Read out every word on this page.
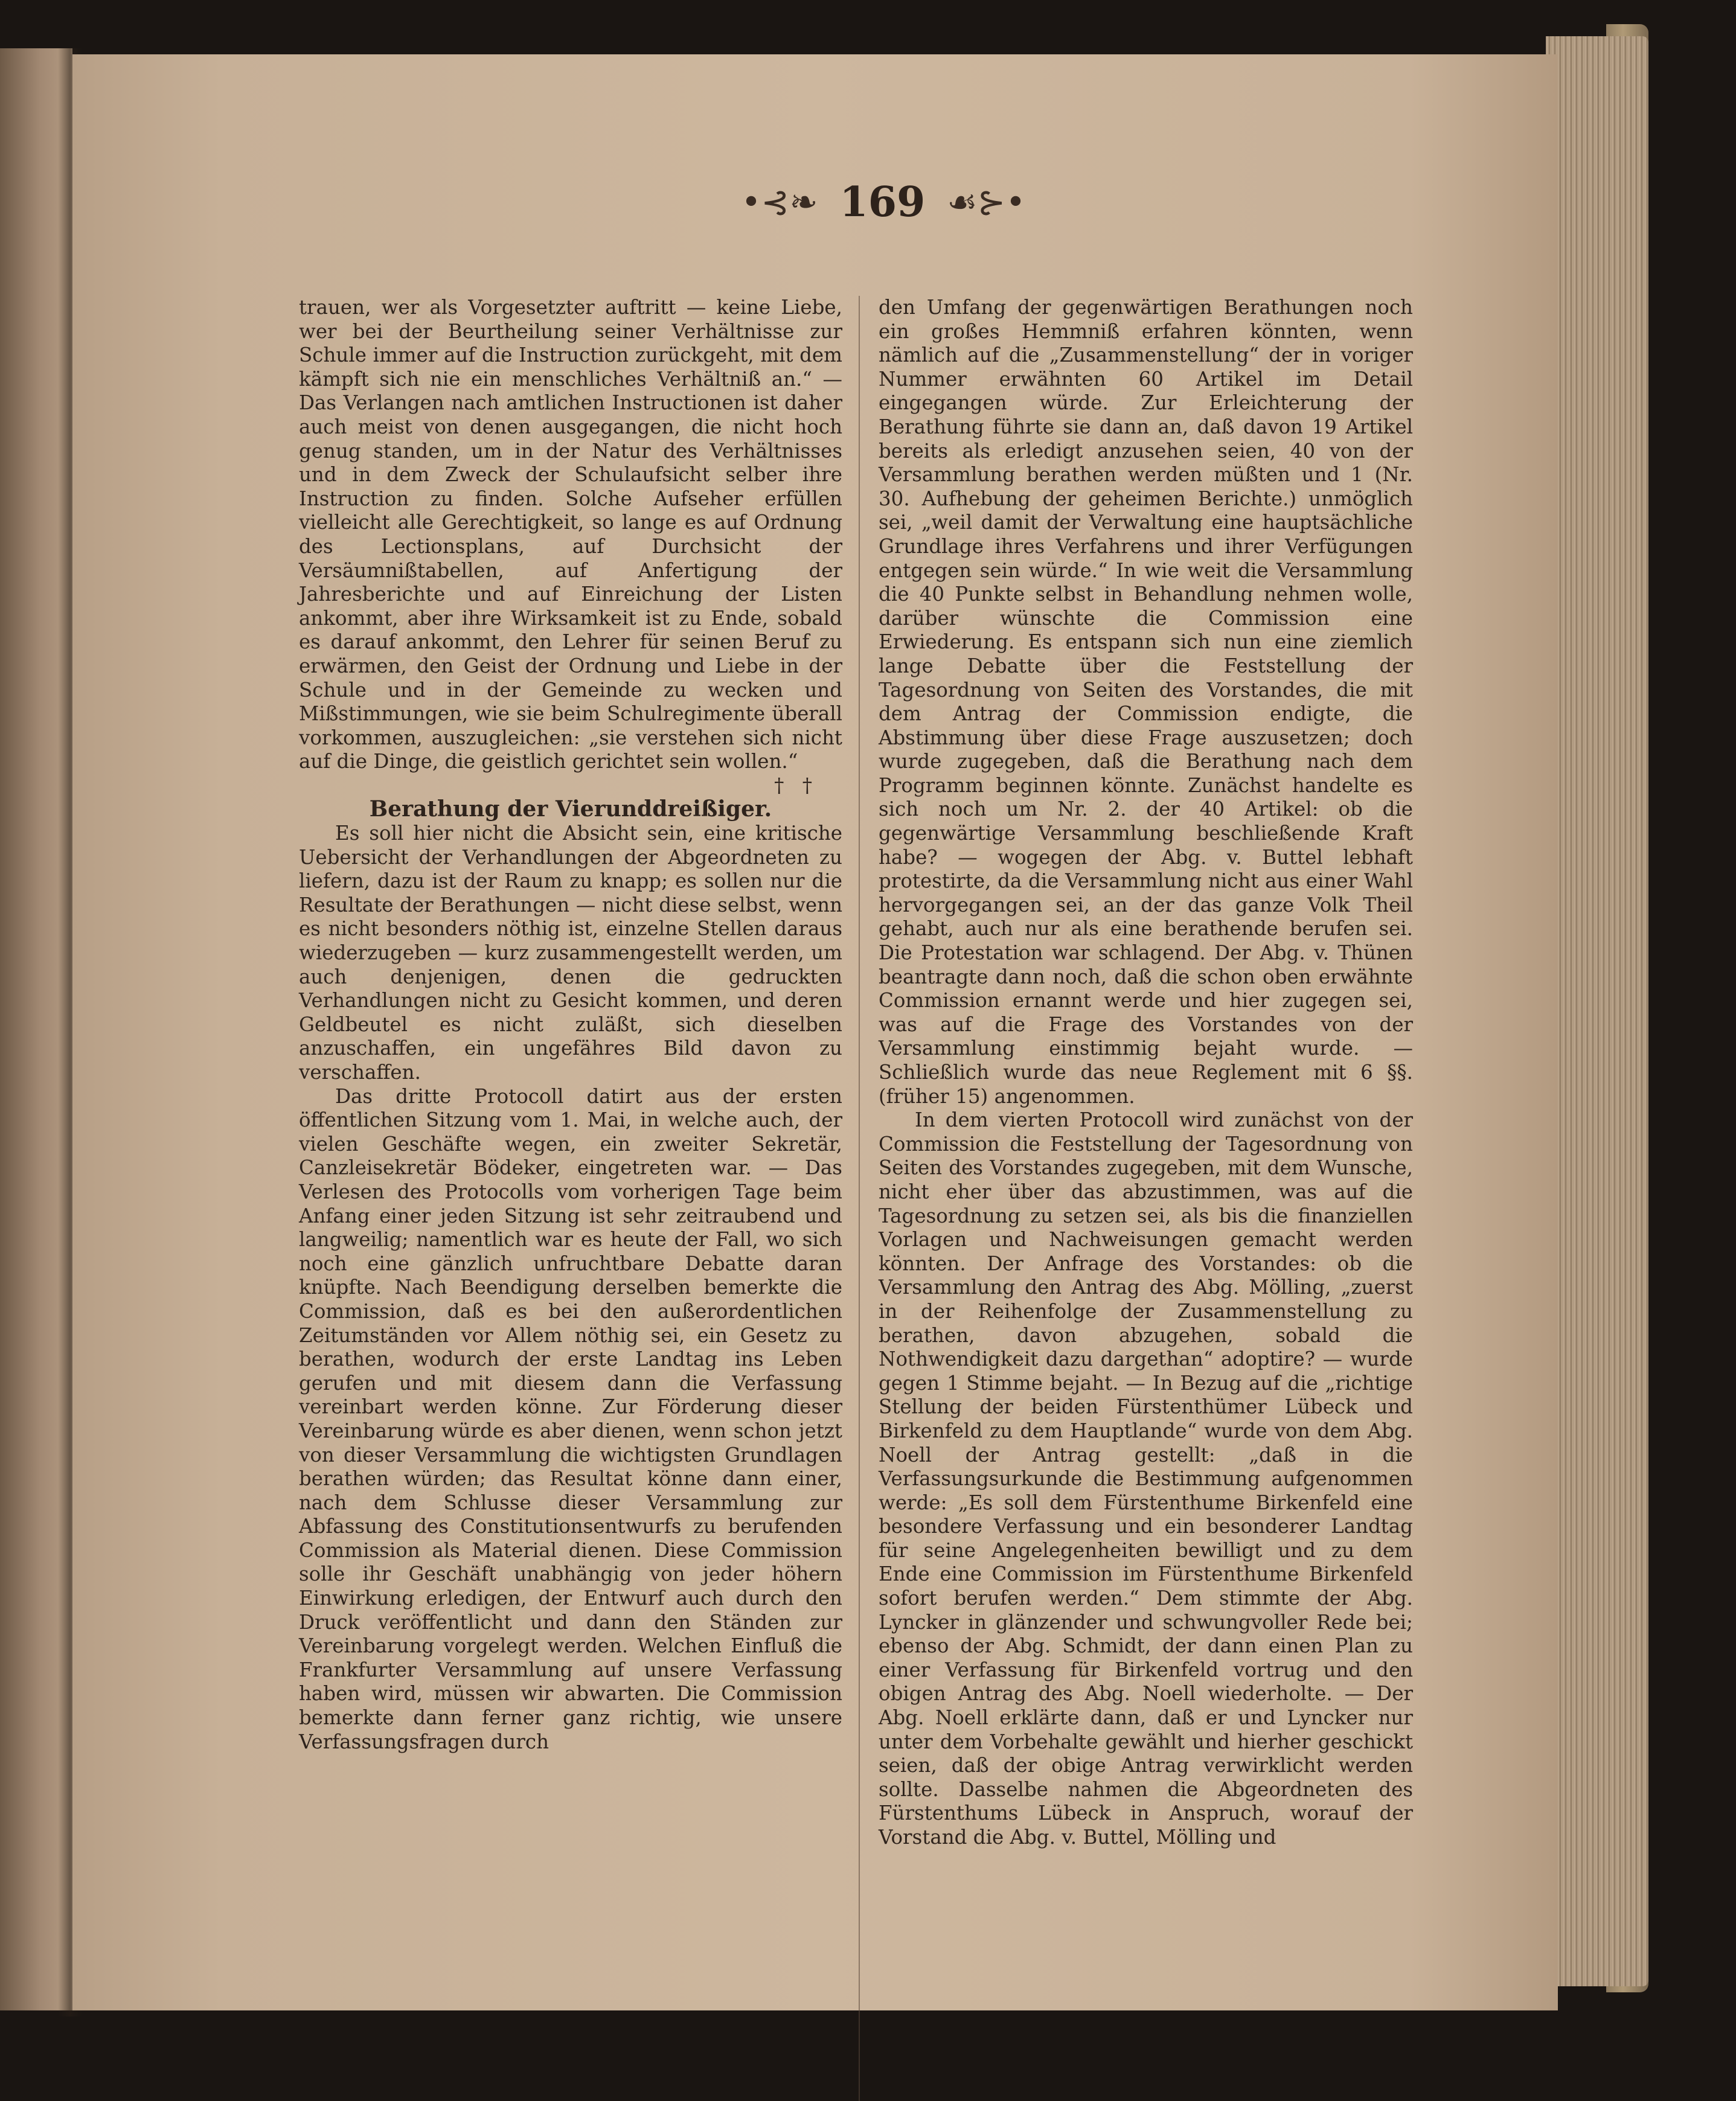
•⊰❧ 169 ☙⊱•

trauen, wer als Vorgesetzter auftritt — keine Liebe, wer bei der Beurtheilung seiner Verhältnisse zur Schule immer auf die Instruction zurückgeht, mit dem kämpft sich nie ein menschliches Verhältniß an.“ — Das Verlangen nach amtlichen Instructionen ist daher auch meist von denen ausgegangen, die nicht hoch genug standen, um in der Natur des Verhältnisses und in dem Zweck der Schulaufsicht selber ihre Instruction zu finden. Solche Aufseher erfüllen vielleicht alle Gerechtigkeit, so lange es auf Ordnung des Lectionsplans, auf Durchsicht der Versäumnißtabellen, auf Anfertigung der Jahresberichte und auf Einreichung der Listen ankommt, aber ihre Wirksamkeit ist zu Ende, sobald es darauf ankommt, den Lehrer für seinen Beruf zu erwärmen, den Geist der Ordnung und Liebe in der Schule und in der Gemeinde zu wecken und Mißstimmungen, wie sie beim Schulregimente überall vorkommen, auszugleichen: „sie verstehen sich nicht auf die Dinge, die geistlich gerichtet sein wollen.“

† †

Berathung der Vierunddreißiger.

Es soll hier nicht die Absicht sein, eine kritische Uebersicht der Verhandlungen der Abgeordneten zu liefern, dazu ist der Raum zu knapp; es sollen nur die Resultate der Berathungen — nicht diese selbst, wenn es nicht besonders nöthig ist, einzelne Stellen daraus wiederzugeben — kurz zusammengestellt werden, um auch denjenigen, denen die gedruckten Verhandlungen nicht zu Gesicht kommen, und deren Geldbeutel es nicht zuläßt, sich dieselben anzuschaffen, ein ungefähres Bild davon zu verschaffen.

Das dritte Protocoll datirt aus der ersten öffentlichen Sitzung vom 1. Mai, in welche auch, der vielen Geschäfte wegen, ein zweiter Sekretär, Canzleisekretär Bödeker, eingetreten war. — Das Verlesen des Protocolls vom vorherigen Tage beim Anfang einer jeden Sitzung ist sehr zeitraubend und langweilig; namentlich war es heute der Fall, wo sich noch eine gänzlich unfruchtbare Debatte daran knüpfte. Nach Beendigung derselben bemerkte die Commission, daß es bei den außerordentlichen Zeitumständen vor Allem nöthig sei, ein Gesetz zu berathen, wodurch der erste Landtag ins Leben gerufen und mit diesem dann die Verfassung vereinbart werden könne. Zur Förderung dieser Vereinbarung würde es aber dienen, wenn schon jetzt von dieser Versammlung die wichtigsten Grundlagen berathen würden; das Resultat könne dann einer, nach dem Schlusse dieser Versammlung zur Abfassung des Constitutionsentwurfs zu berufenden Commission als Material dienen. Diese Commission solle ihr Geschäft unabhängig von jeder höhern Einwirkung erledigen, der Entwurf auch durch den Druck veröffentlicht und dann den Ständen zur Vereinbarung vorgelegt werden. Welchen Einfluß die Frankfurter Versammlung auf unsere Verfassung haben wird, müssen wir abwarten. Die Commission bemerkte dann ferner ganz richtig, wie unsere Verfassungsfragen durch

den Umfang der gegenwärtigen Berathungen noch ein großes Hemmniß erfahren könnten, wenn nämlich auf die „Zusammenstellung“ der in voriger Nummer erwähnten 60 Artikel im Detail eingegangen würde. Zur Erleichterung der Berathung führte sie dann an, daß davon 19 Artikel bereits als erledigt anzusehen seien, 40 von der Versammlung berathen werden müßten und 1 (Nr. 30. Aufhebung der geheimen Berichte.) unmöglich sei, „weil damit der Verwaltung eine hauptsächliche Grundlage ihres Verfahrens und ihrer Verfügungen entgegen sein würde.“ In wie weit die Versammlung die 40 Punkte selbst in Behandlung nehmen wolle, darüber wünschte die Commission eine Erwiederung. Es entspann sich nun eine ziemlich lange Debatte über die Feststellung der Tagesordnung von Seiten des Vorstandes, die mit dem Antrag der Commission endigte, die Abstimmung über diese Frage auszusetzen; doch wurde zugegeben, daß die Berathung nach dem Programm beginnen könnte. Zunächst handelte es sich noch um Nr. 2. der 40 Artikel: ob die gegenwärtige Versammlung beschließende Kraft habe? — wogegen der Abg. v. Buttel lebhaft protestirte, da die Versammlung nicht aus einer Wahl hervorgegangen sei, an der das ganze Volk Theil gehabt, auch nur als eine berathende berufen sei. Die Protestation war schlagend. Der Abg. v. Thünen beantragte dann noch, daß die schon oben erwähnte Commission ernannt werde und hier zugegen sei, was auf die Frage des Vorstandes von der Versammlung einstimmig bejaht wurde. — Schließlich wurde das neue Reglement mit 6 §§. (früher 15) angenommen.

In dem vierten Protocoll wird zunächst von der Commission die Feststellung der Tagesordnung von Seiten des Vorstandes zugegeben, mit dem Wunsche, nicht eher über das abzustimmen, was auf die Tagesordnung zu setzen sei, als bis die finanziellen Vorlagen und Nachweisungen gemacht werden könnten. Der Anfrage des Vorstandes: ob die Versammlung den Antrag des Abg. Mölling, „zuerst in der Reihenfolge der Zusammenstellung zu berathen, davon abzugehen, sobald die Nothwendigkeit dazu dargethan“ adoptire? — wurde gegen 1 Stimme bejaht. — In Bezug auf die „richtige Stellung der beiden Fürstenthümer Lübeck und Birkenfeld zu dem Hauptlande“ wurde von dem Abg. Noell der Antrag gestellt: „daß in die Verfassungsurkunde die Bestimmung aufgenommen werde: „Es soll dem Fürstenthume Birkenfeld eine besondere Verfassung und ein besonderer Landtag für seine Angelegenheiten bewilligt und zu dem Ende eine Commission im Fürstenthume Birkenfeld sofort berufen werden.“ Dem stimmte der Abg. Lyncker in glänzender und schwungvoller Rede bei; ebenso der Abg. Schmidt, der dann einen Plan zu einer Verfassung für Birkenfeld vortrug und den obigen Antrag des Abg. Noell wiederholte. — Der Abg. Noell erklärte dann, daß er und Lyncker nur unter dem Vorbehalte gewählt und hierher geschickt seien, daß der obige Antrag verwirklicht werden sollte. Dasselbe nahmen die Abgeordneten des Fürstenthums Lübeck in Anspruch, worauf der Vorstand die Abg. v. Buttel, Mölling und
